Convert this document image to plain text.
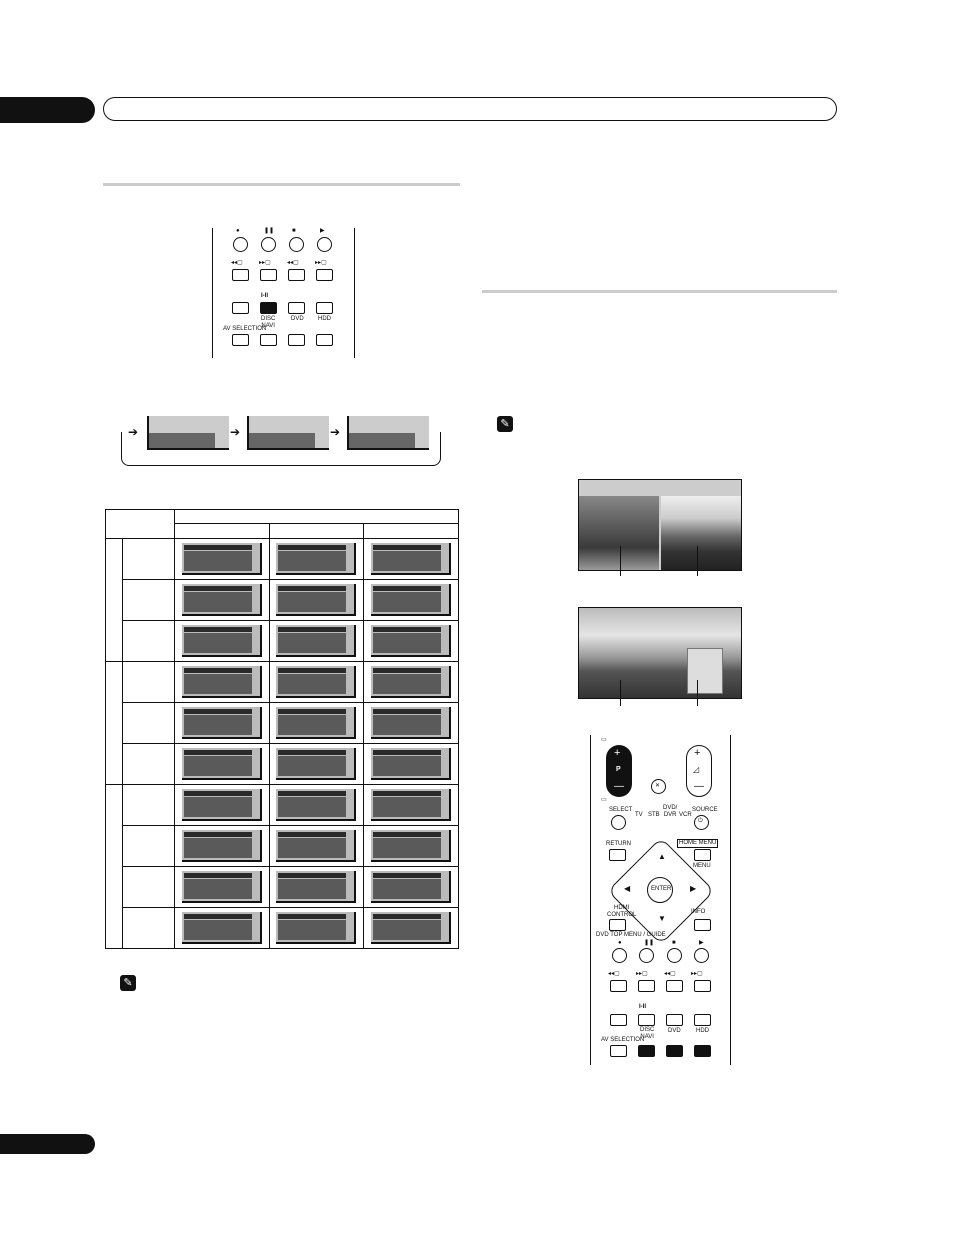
●	❚❚	■	▶
◂◂▢	▸▸▢	◂◂▢	▸▸▢
I-II
DISC
NAVI
DVD HDD
AV SELECTION
➔	➔
➔

✎
✎
+
P
—
▭
▭
✕
+
◿
—
SELECT
TV STB
DVD/
DVR VCR
SOURCE
⏻
RETURN	HOME MENU
MENU
▲
▼
◀	▶
ENTER
HDMI
CONTROL	INFO
DVD TOP MENU / GUIDE
●	❚❚	■	▶
◂◂▢	▸▸▢	◂◂▢	▸▸▢
I-II
DISC
NAVI
DVD	HDD
AV SELECTION
